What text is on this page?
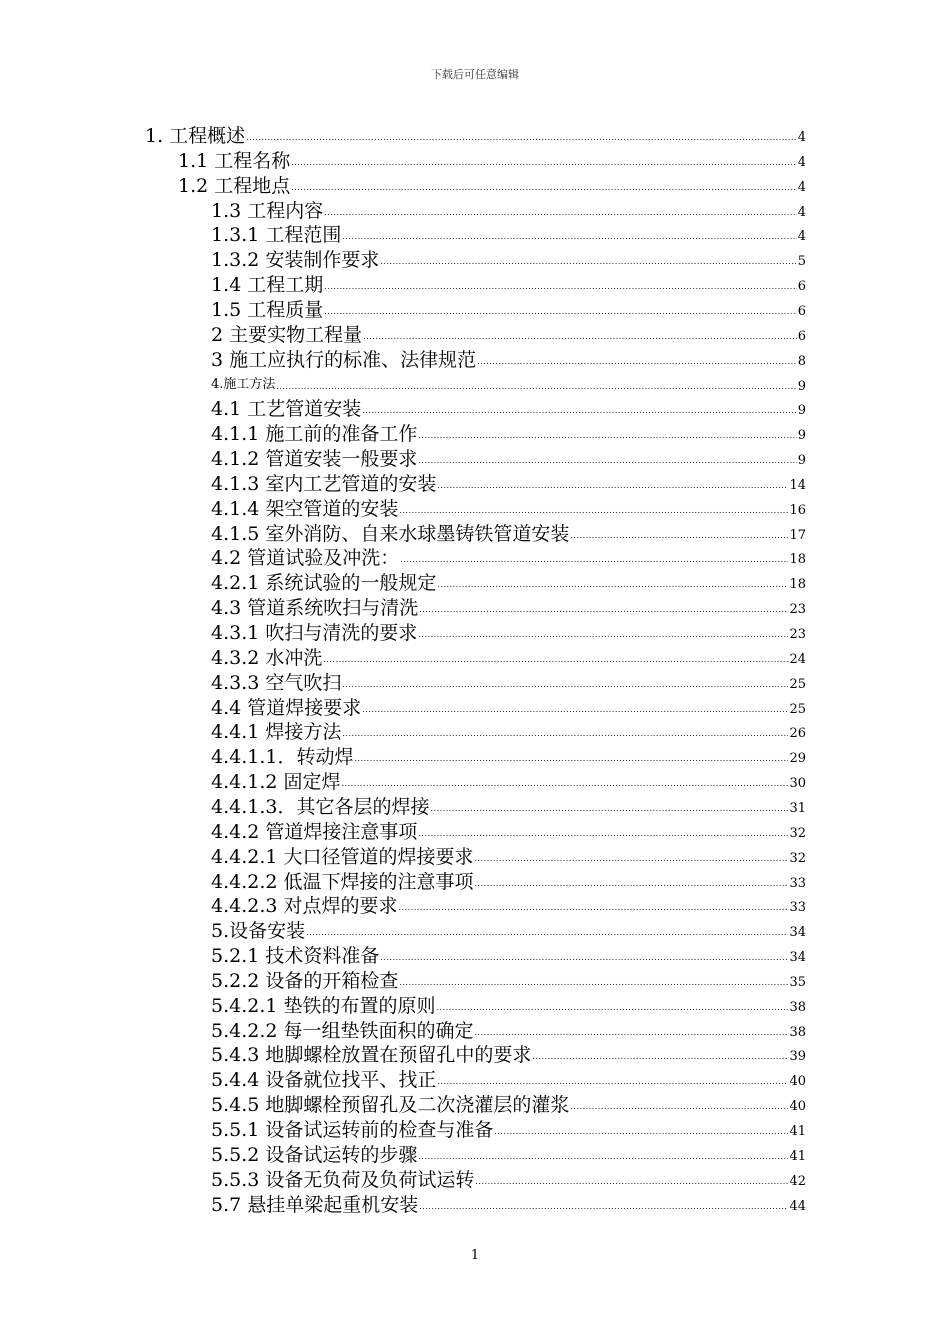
下载后可任意编辑
1. 工程概述 .....	4
1.1 工程名称 .....	4
1.2 工程地点 .....	4
1.3 工程内容 .....	4
1.3.1 工程范围 .....	4
1.3.2 安装制作要求 .....	5
1.4 工程工期 .....	6
1.5 工程质量 .....	6
2 主要实物工程量 .....	6
3 施工应执行的标准、法律规范 .....	8
4.施工方法 .....	9
4.1 工艺管道安装 .....	9
4.1.1 施工前的准备工作 .....	9
4.1.2 管道安装一般要求 .....	9
4.1.3 室内工艺管道的安装 .....	14
4.1.4 架空管道的安装 .....	16
4.1.5 室外消防、自来水球墨铸铁管道安装 .....	17
4.2 管道试验及冲洗： .....	18
4.2.1 系统试验的一般规定 .....	18
4.3 管道系统吹扫与清洗 .....	23
4.3.1 吹扫与清洗的要求 .....	23
4.3.2 水冲洗 .....	24
4.3.3 空气吹扫 .....	25
4.4 管道焊接要求 .....	25
4.4.1 焊接方法 .....	26
4.4.1.1．转动焊 .....	29
4.4.1.2 固定焊 .....	30
4.4.1.3．其它各层的焊接 .....	31
4.4.2 管道焊接注意事项 .....	32
4.4.2.1 大口径管道的焊接要求 .....	32
4.4.2.2 低温下焊接的注意事项 .....	33
4.4.2.3 对点焊的要求 .....	33
5.设备安装 .....	34
5.2.1 技术资料准备 .....	34
5.2.2 设备的开箱检查 .....	35
5.4.2.1 垫铁的布置的原则 .....	38
5.4.2.2 每一组垫铁面积的确定 .....	38
5.4.3 地脚螺栓放置在预留孔中的要求 .....	39
5.4.4 设备就位找平、找正 .....	40
5.4.5 地脚螺栓预留孔及二次浇灌层的灌浆 .....	40
5.5.1 设备试运转前的检查与准备 .....	41
5.5.2 设备试运转的步骤 .....	41
5.5.3 设备无负荷及负荷试运转 .....	42
5.7 悬挂单梁起重机安装 .....	44
1
